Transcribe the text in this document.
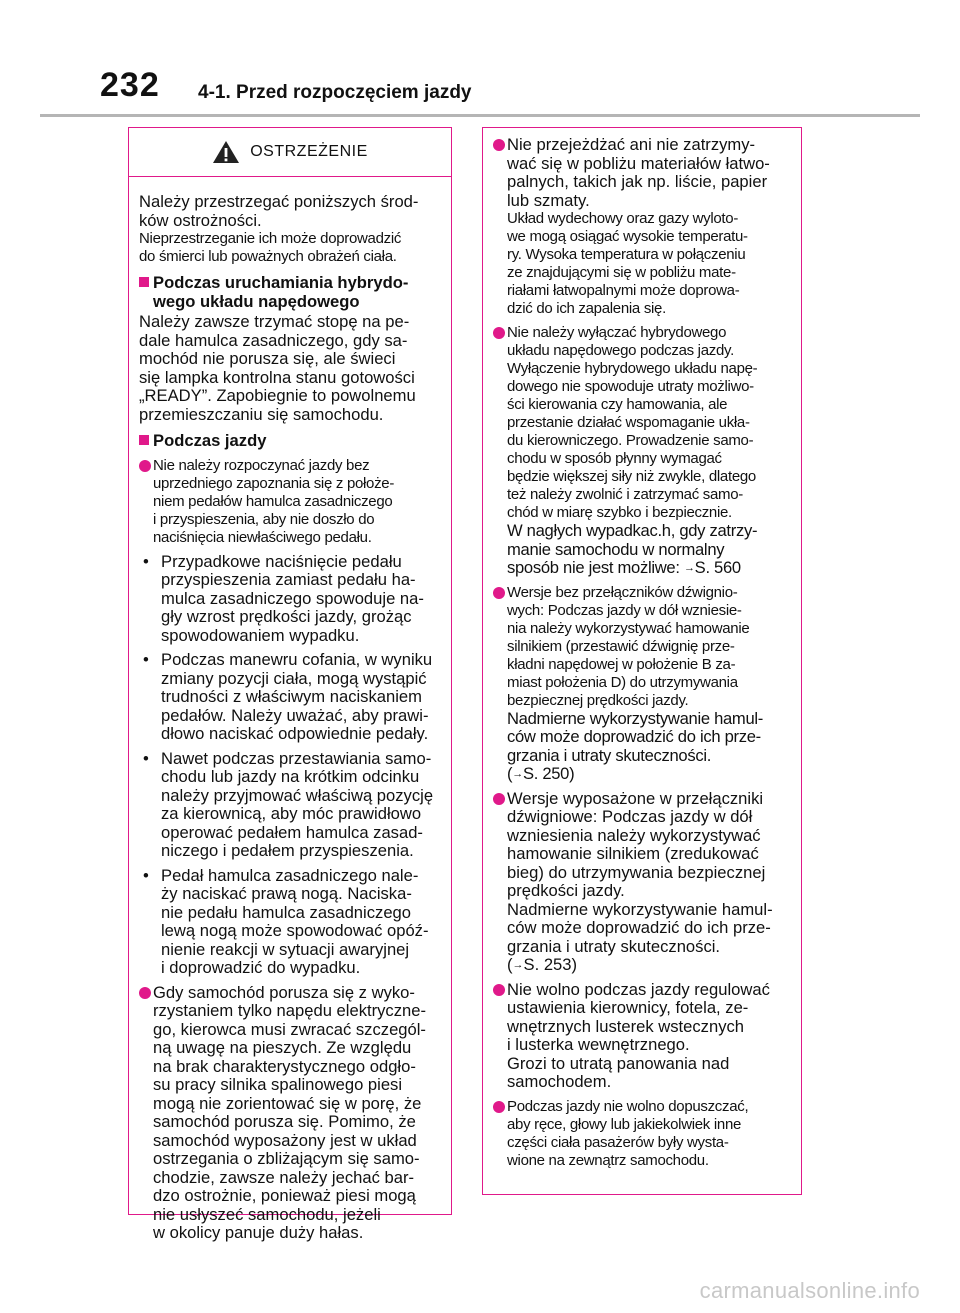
232 4-1. Przed rozpoczęciem jazdy
OSTRZEŻENIE
Należy przestrzegać poniższych środ-
ków ostrożności.
Nieprzestrzeganie ich może doprowadzić
do śmierci lub poważnych obrażeń ciała.
Podczas uruchamiania hybrydo-
wego układu napędowego
Należy zawsze trzymać stopę na pe-
dale hamulca zasadniczego, gdy sa-
mochód nie porusza się, ale świeci
się lampka kontrolna stanu gotowości
„READY”. Zapobiegnie to powolnemu
przemieszczaniu się samochodu.
Podczas jazdy
Nie należy rozpoczynać jazdy bez
uprzedniego zapoznania się z położe-
niem pedałów hamulca zasadniczego
i przyspieszenia, aby nie doszło do
naciśnięcia niewłaściwego pedału.
• Przypadkowe naciśnięcie pedału
przyspieszenia zamiast pedału ha-
mulca zasadniczego spowoduje na-
gły wzrost prędkości jazdy, grożąc
spowodowaniem wypadku.
• Podczas manewru cofania, w wyniku
zmiany pozycji ciała, mogą wystąpić
trudności z właściwym naciskaniem
pedałów. Należy uważać, aby prawi-
dłowo naciskać odpowiednie pedały.
• Nawet podczas przestawiania samo-
chodu lub jazdy na krótkim odcinku
należy przyjmować właściwą pozycję
za kierownicą, aby móc prawidłowo
operować pedałem hamulca zasad-
niczego i pedałem przyspieszenia.
• Pedał hamulca zasadniczego nale-
ży naciskać prawą nogą. Naciska-
nie pedału hamulca zasadniczego
lewą nogą może spowodować opóź-
nienie reakcji w sytuacji awaryjnej
i doprowadzić do wypadku.
Gdy samochód porusza się z wyko-
rzystaniem tylko napędu elektryczne-
go, kierowca musi zwracać szczegól-
ną uwagę na pieszych. Ze względu
na brak charakterystycznego odgło-
su pracy silnika spalinowego piesi
mogą nie zorientować się w porę, że
samochód porusza się. Pomimo, że
samochód wyposażony jest w układ
ostrzegania o zbliżającym się samo-
chodzie, zawsze należy jechać bar-
dzo ostrożnie, ponieważ piesi mogą
nie usłyszeć samochodu, jeżeli
w okolicy panuje duży hałas.
Nie przejeżdżać ani nie zatrzymy-
wać się w pobliżu materiałów łatwo-
palnych, takich jak np. liście, papier
lub szmaty.
Układ wydechowy oraz gazy wyloto-
we mogą osiągać wysokie temperatu-
ry. Wysoka temperatura w połączeniu
ze znajdującymi się w pobliżu mate-
riałami łatwopalnymi może doprowa-
dzić do ich zapalenia się.
Nie należy wyłączać hybrydowego
układu napędowego podczas jazdy.
Wyłączenie hybrydowego układu napę-
dowego nie spowoduje utraty możliwo-
ści kierowania czy hamowania, ale
przestanie działać wspomaganie ukła-
du kierowniczego. Prowadzenie samo-
chodu w sposób płynny wymagać
będzie większej siły niż zwykle, dlatego
też należy zwolnić i zatrzymać samo-
chód w miarę szybko i bezpiecznie.
W nagłych wypadkac.h, gdy zatrzy-
manie samochodu w normalny
sposób nie jest możliwe: →S. 560
Wersje bez przełączników dźwignio-
wych: Podczas jazdy w dół wzniesie-
nia należy wykorzystywać hamowanie
silnikiem (przestawić dźwignię prze-
kładni napędowej w położenie B za-
miast położenia D) do utrzymywania
bezpiecznej prędkości jazdy.
Nadmierne wykorzystywanie hamul-
ców może doprowadzić do ich prze-
grzania i utraty skuteczności.
(→S. 250)
Wersje wyposażone w przełączniki
dźwigniowe: Podczas jazdy w dół
wzniesienia należy wykorzystywać
hamowanie silnikiem (zredukować
bieg) do utrzymywania bezpiecznej
prędkości jazdy.
Nadmierne wykorzystywanie hamul-
ców może doprowadzić do ich prze-
grzania i utraty skuteczności.
(→S. 253)
Nie wolno podczas jazdy regulować
ustawienia kierownicy, fotela, ze-
wnętrznych lusterek wstecznych
i lusterka wewnętrznego.
Grozi to utratą panowania nad
samochodem.
Podczas jazdy nie wolno dopuszczać,
aby ręce, głowy lub jakiekolwiek inne
części ciała pasażerów były wysta-
wione na zewnątrz samochodu.
carmanualsonline.info
